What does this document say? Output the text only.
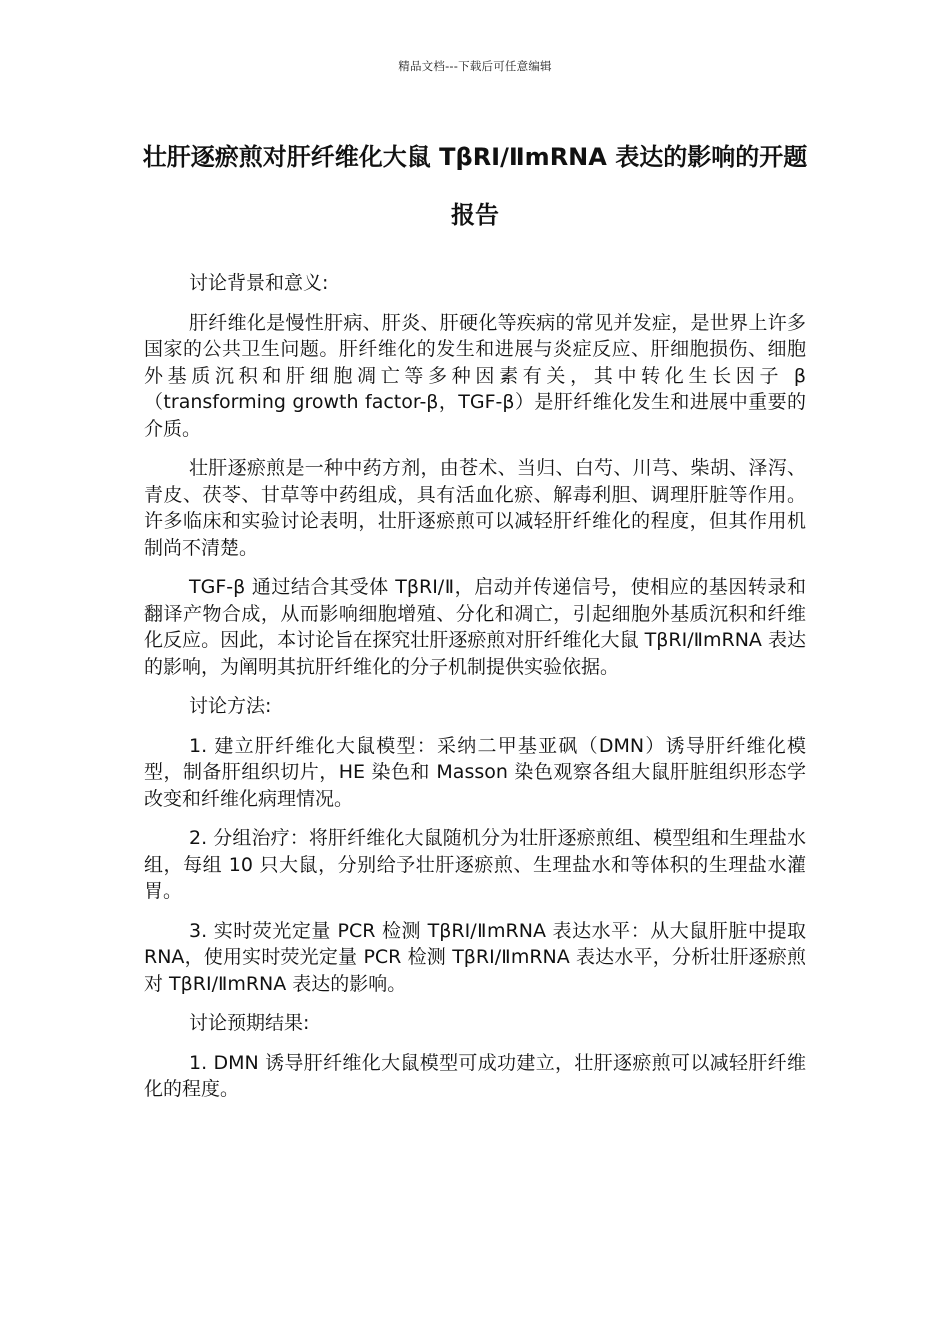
精品文档---下载后可任意编辑
壮肝逐瘀煎对肝纤维化大鼠 TβRⅠ/ⅡmRNA 表达的影响的开题报告

讨论背景和意义:

肝纤维化是慢性肝病、肝炎、肝硬化等疾病的常见并发症，是世界上许多国家的公共卫生问题。肝纤维化的发生和进展与炎症反应、肝细胞损伤、细胞外基质沉积和肝细胞凋亡等多种因素有关，其中转化生长因子 β（transforming growth factor-β，TGF-β）是肝纤维化发生和进展中重要的介质。

壮肝逐瘀煎是一种中药方剂，由苍术、当归、白芍、川芎、柴胡、泽泻、青皮、茯苓、甘草等中药组成，具有活血化瘀、解毒利胆、调理肝脏等作用。许多临床和实验讨论表明，壮肝逐瘀煎可以减轻肝纤维化的程度，但其作用机制尚不清楚。

TGF-β 通过结合其受体 TβRI/Ⅱ，启动并传递信号，使相应的基因转录和翻译产物合成，从而影响细胞增殖、分化和凋亡，引起细胞外基质沉积和纤维化反应。因此，本讨论旨在探究壮肝逐瘀煎对肝纤维化大鼠 TβRI/ⅡmRNA 表达的影响，为阐明其抗肝纤维化的分子机制提供实验依据。

讨论方法:

1. 建立肝纤维化大鼠模型：采纳二甲基亚砜（DMN）诱导肝纤维化模型，制备肝组织切片，HE 染色和 Masson 染色观察各组大鼠肝脏组织形态学改变和纤维化病理情况。

2. 分组治疗：将肝纤维化大鼠随机分为壮肝逐瘀煎组、模型组和生理盐水组，每组 10 只大鼠，分别给予壮肝逐瘀煎、生理盐水和等体积的生理盐水灌胃。

3. 实时荧光定量 PCR 检测 TβRI/ⅡmRNA 表达水平：从大鼠肝脏中提取 RNA，使用实时荧光定量 PCR 检测 TβRI/ⅡmRNA 表达水平，分析壮肝逐瘀煎对 TβRI/ⅡmRNA 表达的影响。

讨论预期结果:

1. DMN 诱导肝纤维化大鼠模型可成功建立，壮肝逐瘀煎可以减轻肝纤维化的程度。
